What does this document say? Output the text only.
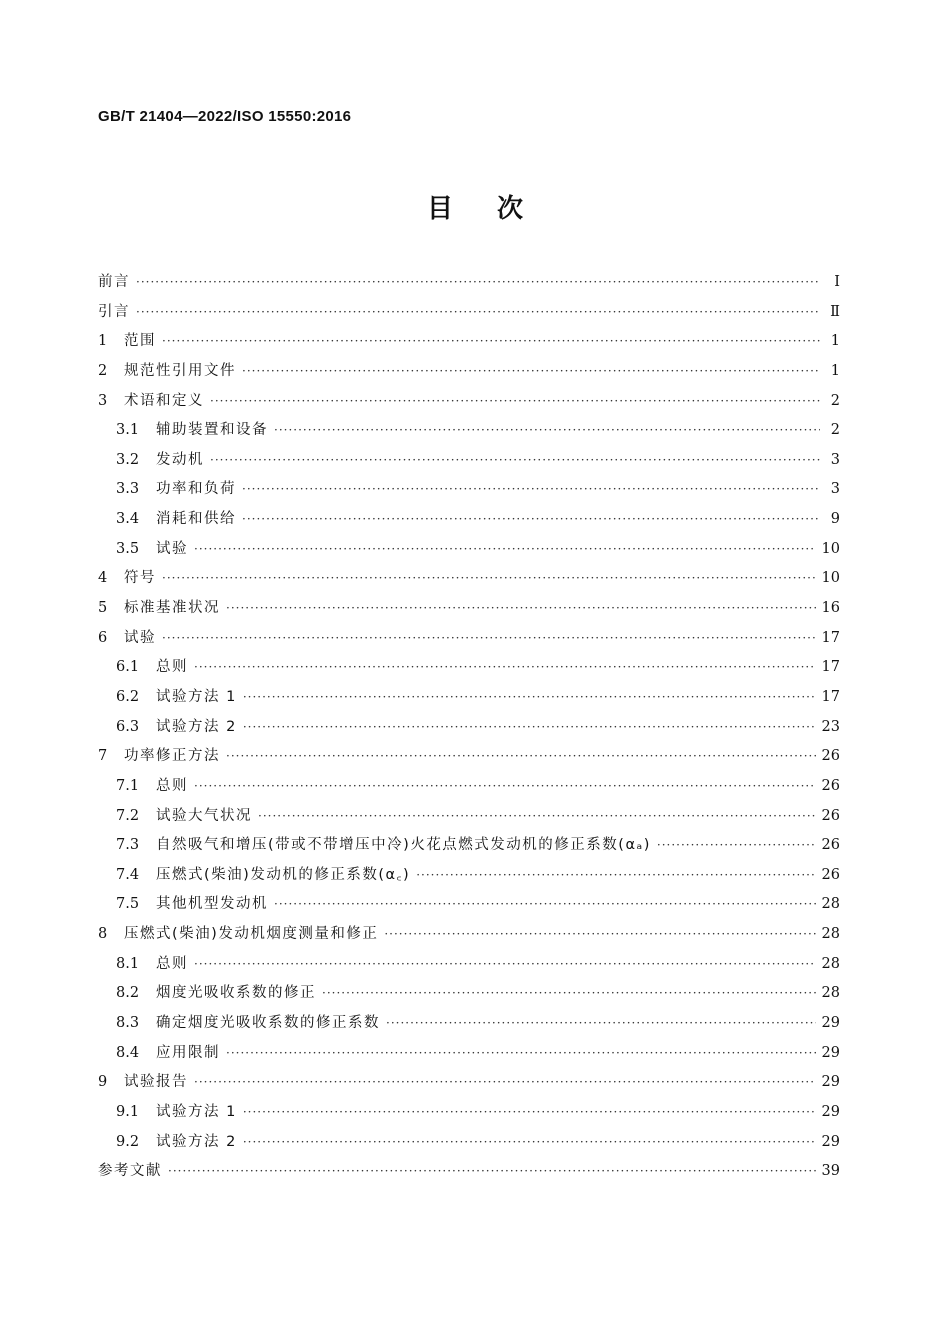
GB/T 21404—2022/ISO 15550:2016
目次
前言 ·····	Ⅰ
引言 ·····	Ⅱ
1	范围 ·····	1
2	规范性引用文件 ·····	1
3	术语和定义 ·····	2
3.1	辅助装置和设备 ·····	2
3.2	发动机 ·····	3
3.3	功率和负荷 ·····	3
3.4	消耗和供给 ·····	9
3.5	试验 ·····	10
4	符号 ·····	10
5	标准基准状况 ·····	16
6	试验 ·····	17
6.1	总则 ·····	17
6.2	试验方法 1 ·····	17
6.3	试验方法 2 ·····	23
7	功率修正方法 ·····	26
7.1	总则 ·····	26
7.2	试验大气状况 ·····	26
7.3	自然吸气和增压(带或不带增压中冷)火花点燃式发动机的修正系数(αₐ) ·····	26
7.4	压燃式(柴油)发动机的修正系数(α꜀) ·····	26
7.5	其他机型发动机 ·····	28
8	压燃式(柴油)发动机烟度测量和修正 ·····	28
8.1	总则 ·····	28
8.2	烟度光吸收系数的修正 ·····	28
8.3	确定烟度光吸收系数的修正系数 ·····	29
8.4	应用限制 ·····	29
9	试验报告 ·····	29
9.1	试验方法 1 ·····	29
9.2	试验方法 2 ·····	29
参考文献 ·····	39
